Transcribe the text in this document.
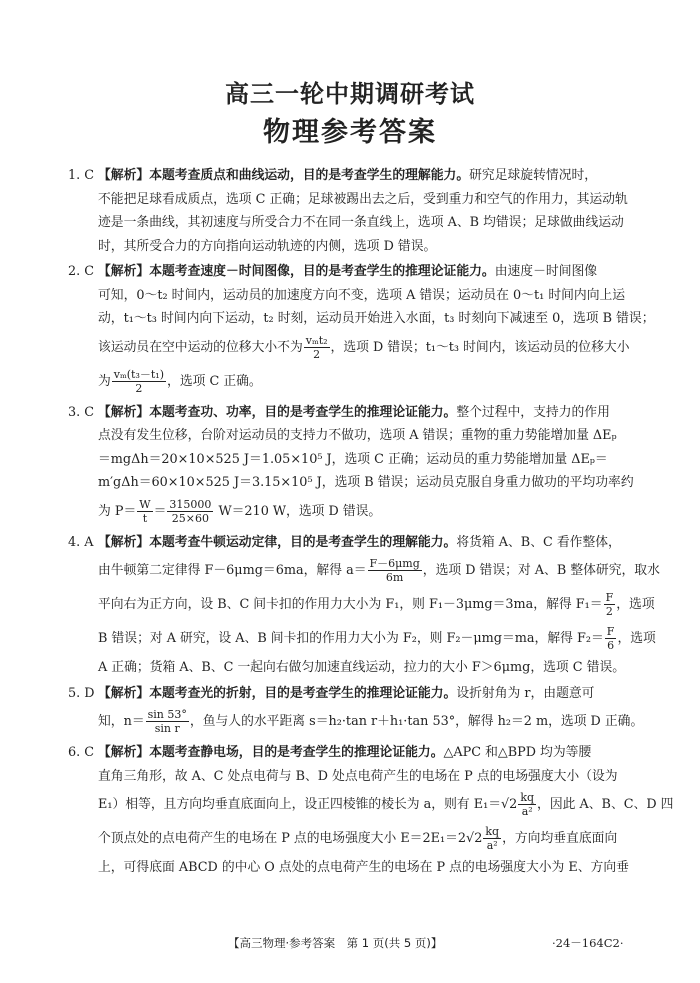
高三一轮中期调研考试
物理参考答案
1. C 【解析】本题考查质点和曲线运动，目的是考查学生的理解能力。研究足球旋转情况时，
不能把足球看成质点，选项 C 正确；足球被踢出去之后，受到重力和空气的作用力，其运动轨
迹是一条曲线，其初速度与所受合力不在同一条直线上，选项 A、B 均错误；足球做曲线运动
时，其所受合力的方向指向运动轨迹的内侧，选项 D 错误。
2. C 【解析】本题考查速度－时间图像，目的是考查学生的推理论证能力。由速度－时间图像
可知，0～t₂ 时间内，运动员的加速度方向不变，选项 A 错误；运动员在 0～t₁ 时间内向上运
动，t₁～t₃ 时间内向下运动，t₂ 时刻，运动员开始进入水面，t₃ 时刻向下减速至 0，选项 B 错误；
该运动员在空中运动的位移大小不为 $\frac{\text{vₘt₂}}{2}$ ，选项 D 错误；t₁～t₃ 时间内，该运动员的位移大小
为 $\frac{\text{vₘ(t₃－t₁)}}{2}$ ，选项 C 正确。
3. C 【解析】本题考查功、功率，目的是考查学生的推理论证能力。整个过程中，支持力的作用
点没有发生位移，台阶对运动员的支持力不做功，选项 A 错误；重物的重力势能增加量 ΔEₚ
＝mgΔh＝20×10×525 J＝1.05×10⁵ J，选项 C 正确；运动员的重力势能增加量 ΔEₚ＝
m′gΔh＝60×10×525 J＝3.15×10⁵ J，选项 B 错误；运动员克服自身重力做功的平均功率约
为 $P= \frac{W}{t} = \frac{315000}{25\times 60} W=210$ W，选项 D 错误。
4. A 【解析】本题考查牛顿运动定律，目的是考查学生的理解能力。将货箱 A、B、C 看作整体，
由牛顿第二定律得 F－6μmg＝6ma，解得 $a= \frac{\text{F－6μmg}}{6m}$ ，选项 D 错误；对 A、B 整体研究，取水
平向右为正方向，设 B、C 间卡扣的作用力大小为 F₁，则 F₁－3μmg＝3ma，解得 $F_1= \frac{F}{2}$ ，选项
B 错误；对 A 研究，设 A、B 间卡扣的作用力大小为 F₂，则 F₂－μmg＝ma，解得 $F_2= \frac{F}{6}$ ，选项
A 正确；货箱 A、B、C 一起向右做匀加速直线运动，拉力的大小 F＞6μmg，选项 C 错误。
5. D 【解析】本题考查光的折射，目的是考查学生的推理论证能力。设折射角为 r，由题意可
知，$n= \frac{\sin 53^\circ}{\text{sin r}}$ ，鱼与人的水平距离 s＝h₂·tan r＋h₁·tan 53°，解得 h₂＝2 m，选项 D 正确。
6. C 【解析】本题考查静电场，目的是考查学生的推理论证能力。△APC 和△BPD 均为等腰
直角三角形，故 A、C 处点电荷与 B、D 处点电荷产生的电场在 P 点的电场强度大小（设为
E₁）相等，且方向均垂直底面向上，设正四棱锥的棱长为 a，则有 $E_1=√2 \frac{kq}{\text{a²}}$ ，因此 A、B、C、D 四
个顶点处的点电荷产生的电场在 P 点的电场强度大小 $E=2E_1=2√2 \frac{kq}{\text{a²}}$ ，方向均垂直底面向
上，可得底面 ABCD 的中心 O 点处的点电荷产生的电场在 P 点的电场强度大小为 E、方向垂
【高三物理·参考答案　第 1 页(共 5 页)】	·24－164C2·
